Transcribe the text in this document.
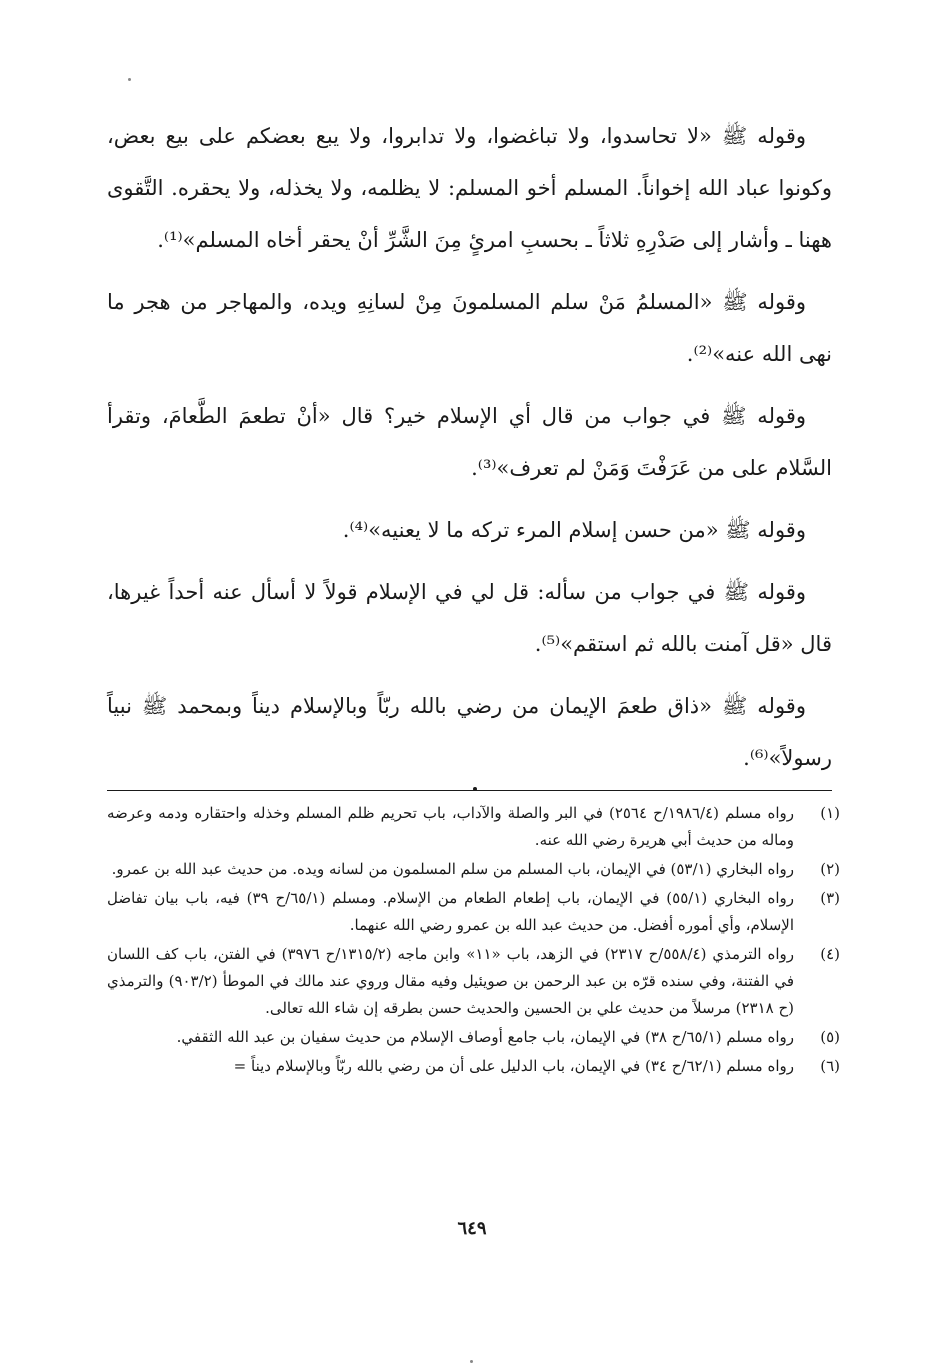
وقوله ﷺ «لا تحاسدوا، ولا تباغضوا، ولا تدابروا، ولا يبع بعضكم على بيع بعض، وكونوا عباد الله إخواناً. المسلم أخو المسلم: لا يظلمه، ولا يخذله، ولا يحقره. التَّقوى ههنا ـ وأشار إلى صَدْرِهِ ثلاثاً ـ بحسبِ امرئٍ مِنَ الشَّرِّ أنْ يحقر أخاه المسلم»⁽¹⁾.

وقوله ﷺ «المسلمُ مَنْ سلم المسلمونَ مِنْ لسانِهِ ويده، والمهاجر من هجر ما نهى الله عنه»⁽²⁾.

وقوله ﷺ في جواب من قال أي الإسلام خير؟ قال «أنْ تطعمَ الطَّعامَ، وتقرأ السَّلام على من عَرَفْتَ وَمَنْ لم تعرف»⁽³⁾.

وقوله ﷺ «من حسن إسلام المرء تركه ما لا يعنيه»⁽⁴⁾.

وقوله ﷺ في جواب من سأله: قل لي في الإسلام قولاً لا أسأل عنه أحداً غيرها، قال «قل آمنت بالله ثم استقم»⁽⁵⁾.

وقوله ﷺ «ذاق طعمَ الإيمان من رضي بالله ربّاً وبالإسلام ديناً وبمحمد ﷺ نبياً رسولاً»⁽⁶⁾.

(١)
رواه مسلم (١٩٨٦/٤/ح ٢٥٦٤) في البر والصلة والآداب، باب تحريم ظلم المسلم وخذله واحتقاره ودمه وعرضه وماله من حديث أبي هريرة رضي الله عنه.
(٢)
رواه البخاري (٥٣/١) في الإيمان، باب المسلم من سلم المسلمون من لسانه ويده. من حديث عبد الله بن عمرو.
(٣)
رواه البخاري (٥٥/١) في الإيمان، باب إطعام الطعام من الإسلام. ومسلم (٦٥/١/ح ٣٩) فيه، باب بيان تفاضل الإسلام، وأي أموره أفضل. من حديث عبد الله بن عمرو رضي الله عنهما.
(٤)
رواه الترمذي (٥٥٨/٤/ح ٢٣١٧) في الزهد، باب «١١» وابن ماجه (١٣١٥/٢/ح ٣٩٧٦) في الفتن، باب كف اللسان في الفتنة، وفي سنده قرّه بن عبد الرحمن بن صويئيل وفيه مقال وروي عند مالك في الموطأ (٩٠٣/٢) والترمذي (ح ٢٣١٨) مرسلاً من حديث علي بن الحسين والحديث حسن بطرقه إن شاء الله تعالى.
(٥)
رواه مسلم (٦٥/١/ح ٣٨) في الإيمان، باب جامع أوصاف الإسلام من حديث سفيان بن عبد الله الثقفي.
(٦)
رواه مسلم (٦٢/١/ح ٣٤) في الإيمان، باب الدليل على أن من رضي بالله ربّاً وبالإسلام ديناً =
٦٤٩
